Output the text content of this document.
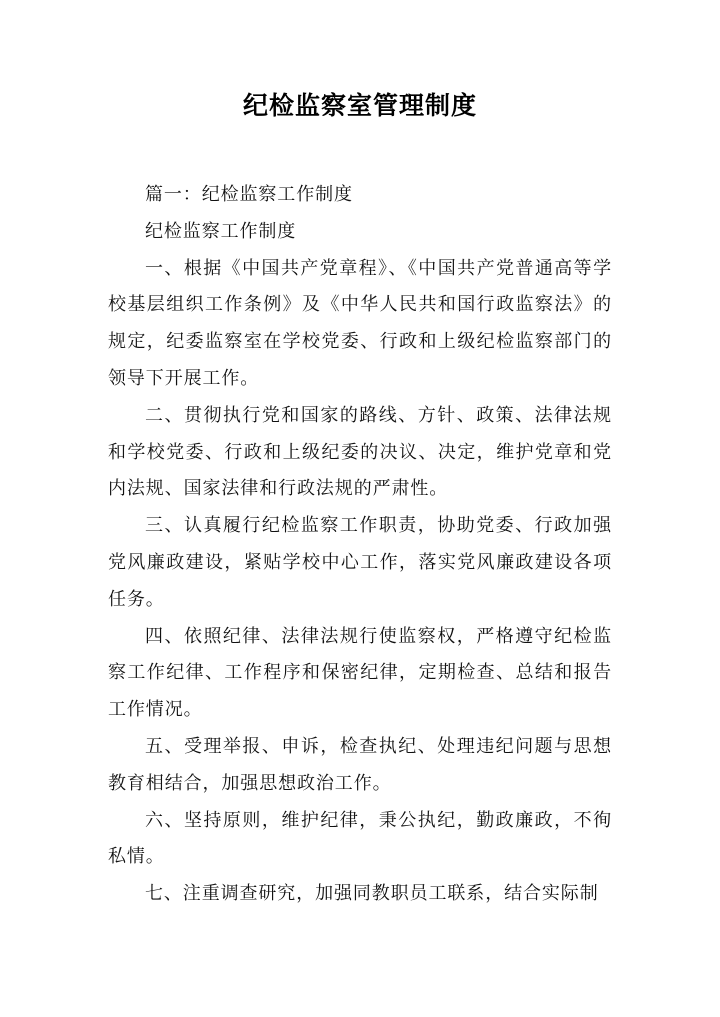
纪检监察室管理制度

篇一：纪检监察工作制度

纪检监察工作制度

一、根据《中国共产党章程》、《中国共产党普通高等学校基层组织工作条例》及《中华人民共和国行政监察法》的规定，纪委监察室在学校党委、行政和上级纪检监察部门的领导下开展工作。

二、贯彻执行党和国家的路线、方针、政策、法律法规和学校党委、行政和上级纪委的决议、决定，维护党章和党内法规、国家法律和行政法规的严肃性。

三、认真履行纪检监察工作职责，协助党委、行政加强党风廉政建设，紧贴学校中心工作，落实党风廉政建设各项任务。

四、依照纪律、法律法规行使监察权，严格遵守纪检监察工作纪律、工作程序和保密纪律，定期检查、总结和报告工作情况。

五、受理举报、申诉，检查执纪、处理违纪问题与思想教育相结合，加强思想政治工作。

六、坚持原则，维护纪律，秉公执纪，勤政廉政，不徇私情。

七、注重调查研究，加强同教职员工联系，结合实际制
